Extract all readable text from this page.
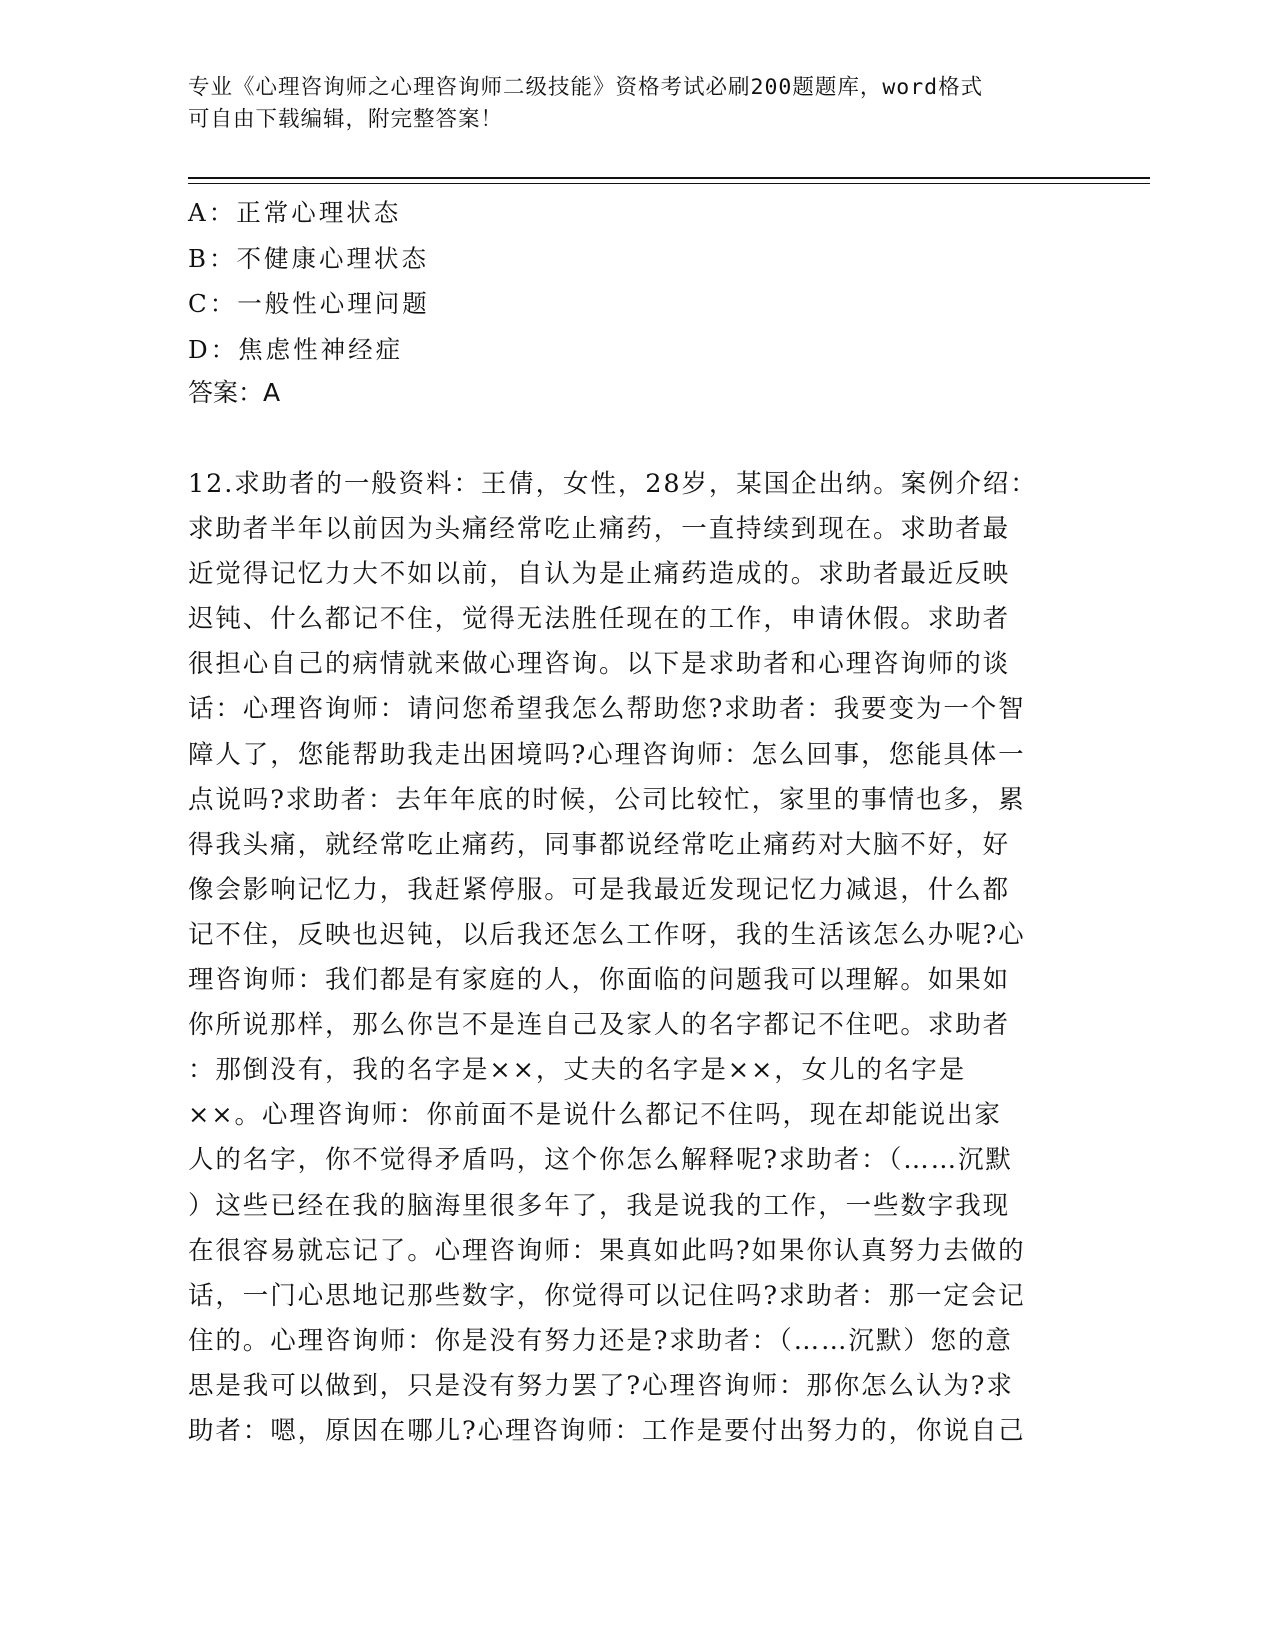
专业《心理咨询师之心理咨询师二级技能》资格考试必刷200题题库，word格式
可自由下载编辑，附完整答案！
A：正常心理状态
B：不健康心理状态
C：一般性心理问题
D：焦虑性神经症
答案：A
12.求助者的一般资料：王倩，女性，28岁，某国企出纳。案例介绍：
求助者半年以前因为头痛经常吃止痛药，一直持续到现在。求助者最
近觉得记忆力大不如以前，自认为是止痛药造成的。求助者最近反映
迟钝、什么都记不住，觉得无法胜任现在的工作，申请休假。求助者
很担心自己的病情就来做心理咨询。以下是求助者和心理咨询师的谈
话：心理咨询师：请问您希望我怎么帮助您?求助者：我要变为一个智
障人了，您能帮助我走出困境吗?心理咨询师：怎么回事，您能具体一
点说吗?求助者：去年年底的时候，公司比较忙，家里的事情也多，累
得我头痛，就经常吃止痛药，同事都说经常吃止痛药对大脑不好，好
像会影响记忆力，我赶紧停服。可是我最近发现记忆力减退，什么都
记不住，反映也迟钝，以后我还怎么工作呀，我的生活该怎么办呢?心
理咨询师：我们都是有家庭的人，你面临的问题我可以理解。如果如
你所说那样，那么你岂不是连自己及家人的名字都记不住吧。求助者
：那倒没有，我的名字是××，丈夫的名字是××，女儿的名字是
××。心理咨询师：你前面不是说什么都记不住吗，现在却能说出家
人的名字，你不觉得矛盾吗，这个你怎么解释呢?求助者：（……沉默
）这些已经在我的脑海里很多年了，我是说我的工作，一些数字我现
在很容易就忘记了。心理咨询师：果真如此吗?如果你认真努力去做的
话，一门心思地记那些数字，你觉得可以记住吗?求助者：那一定会记
住的。心理咨询师：你是没有努力还是?求助者：（……沉默）您的意
思是我可以做到，只是没有努力罢了?心理咨询师：那你怎么认为?求
助者：嗯，原因在哪儿?心理咨询师：工作是要付出努力的，你说自己
